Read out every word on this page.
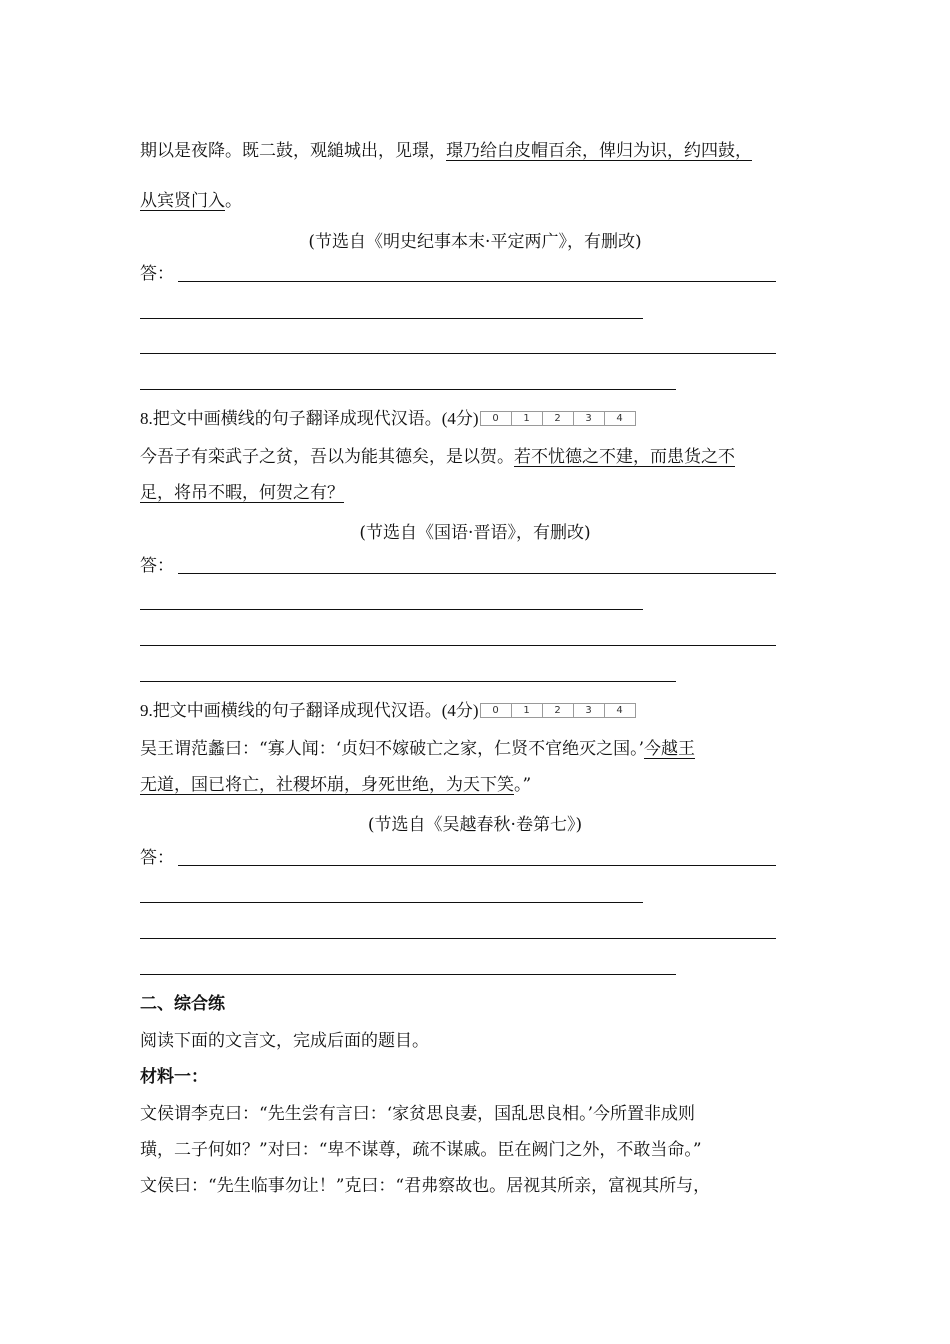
期以是夜降。既二鼓，观縋城出，见璟，璟乃给白皮帽百余，俾归为识，约四鼓，
从宾贤门入。
(节选自《明史纪事本末·平定两广》，有删改)
答：
8.把文中画横线的句子翻译成现代汉语。(4分)	0	1	2	3	4
今吾子有栾武子之贫，吾以为能其德矣，是以贺。若不忧德之不建，而患货之不
足，将吊不暇，何贺之有？
(节选自《国语·晋语》，有删改)
答：
9.把文中画横线的句子翻译成现代汉语。(4分)	0	1	2	3	4
吴王谓范蠡曰：“寡人闻：‘贞妇不嫁破亡之家，仁贤不官绝灭之国。’今越王
无道，国已将亡，社稷坏崩，身死世绝，为天下笑。”
(节选自《吴越春秋·卷第七》)
答：
二、综合练
阅读下面的文言文，完成后面的题目。
材料一：
文侯谓李克曰：“先生尝有言曰：‘家贫思良妻，国乱思良相。’今所置非成则
璜，二子何如？”对曰：“卑不谋尊，疏不谋戚。臣在阙门之外，不敢当命。”
文侯曰：“先生临事勿让！”克曰：“君弗察故也。居视其所亲，富视其所与，
